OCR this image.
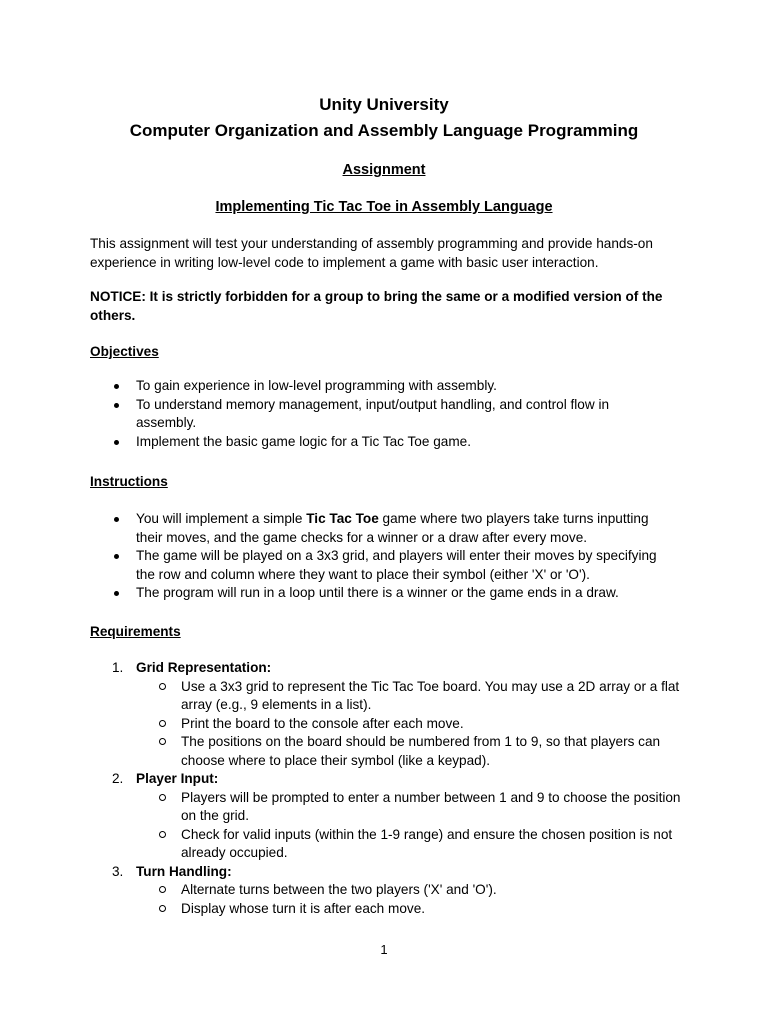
Unity University
Computer Organization and Assembly Language Programming
Assignment
Implementing Tic Tac Toe in Assembly Language
This assignment will test your understanding of assembly programming and provide hands-on experience in writing low-level code to implement a game with basic user interaction.
NOTICE: It is strictly forbidden for a group to bring the same or a modified version of the others.
Objectives
To gain experience in low-level programming with assembly.
To understand memory management, input/output handling, and control flow in assembly.
Implement the basic game logic for a Tic Tac Toe game.
Instructions
You will implement a simple Tic Tac Toe game where two players take turns inputting their moves, and the game checks for a winner or a draw after every move.
The game will be played on a 3x3 grid, and players will enter their moves by specifying the row and column where they want to place their symbol (either 'X' or 'O').
The program will run in a loop until there is a winner or the game ends in a draw.
Requirements
1. Grid Representation:
Use a 3x3 grid to represent the Tic Tac Toe board. You may use a 2D array or a flat array (e.g., 9 elements in a list).
Print the board to the console after each move.
The positions on the board should be numbered from 1 to 9, so that players can choose where to place their symbol (like a keypad).
2. Player Input:
Players will be prompted to enter a number between 1 and 9 to choose the position on the grid.
Check for valid inputs (within the 1-9 range) and ensure the chosen position is not already occupied.
3. Turn Handling:
Alternate turns between the two players ('X' and 'O').
Display whose turn it is after each move.
1
